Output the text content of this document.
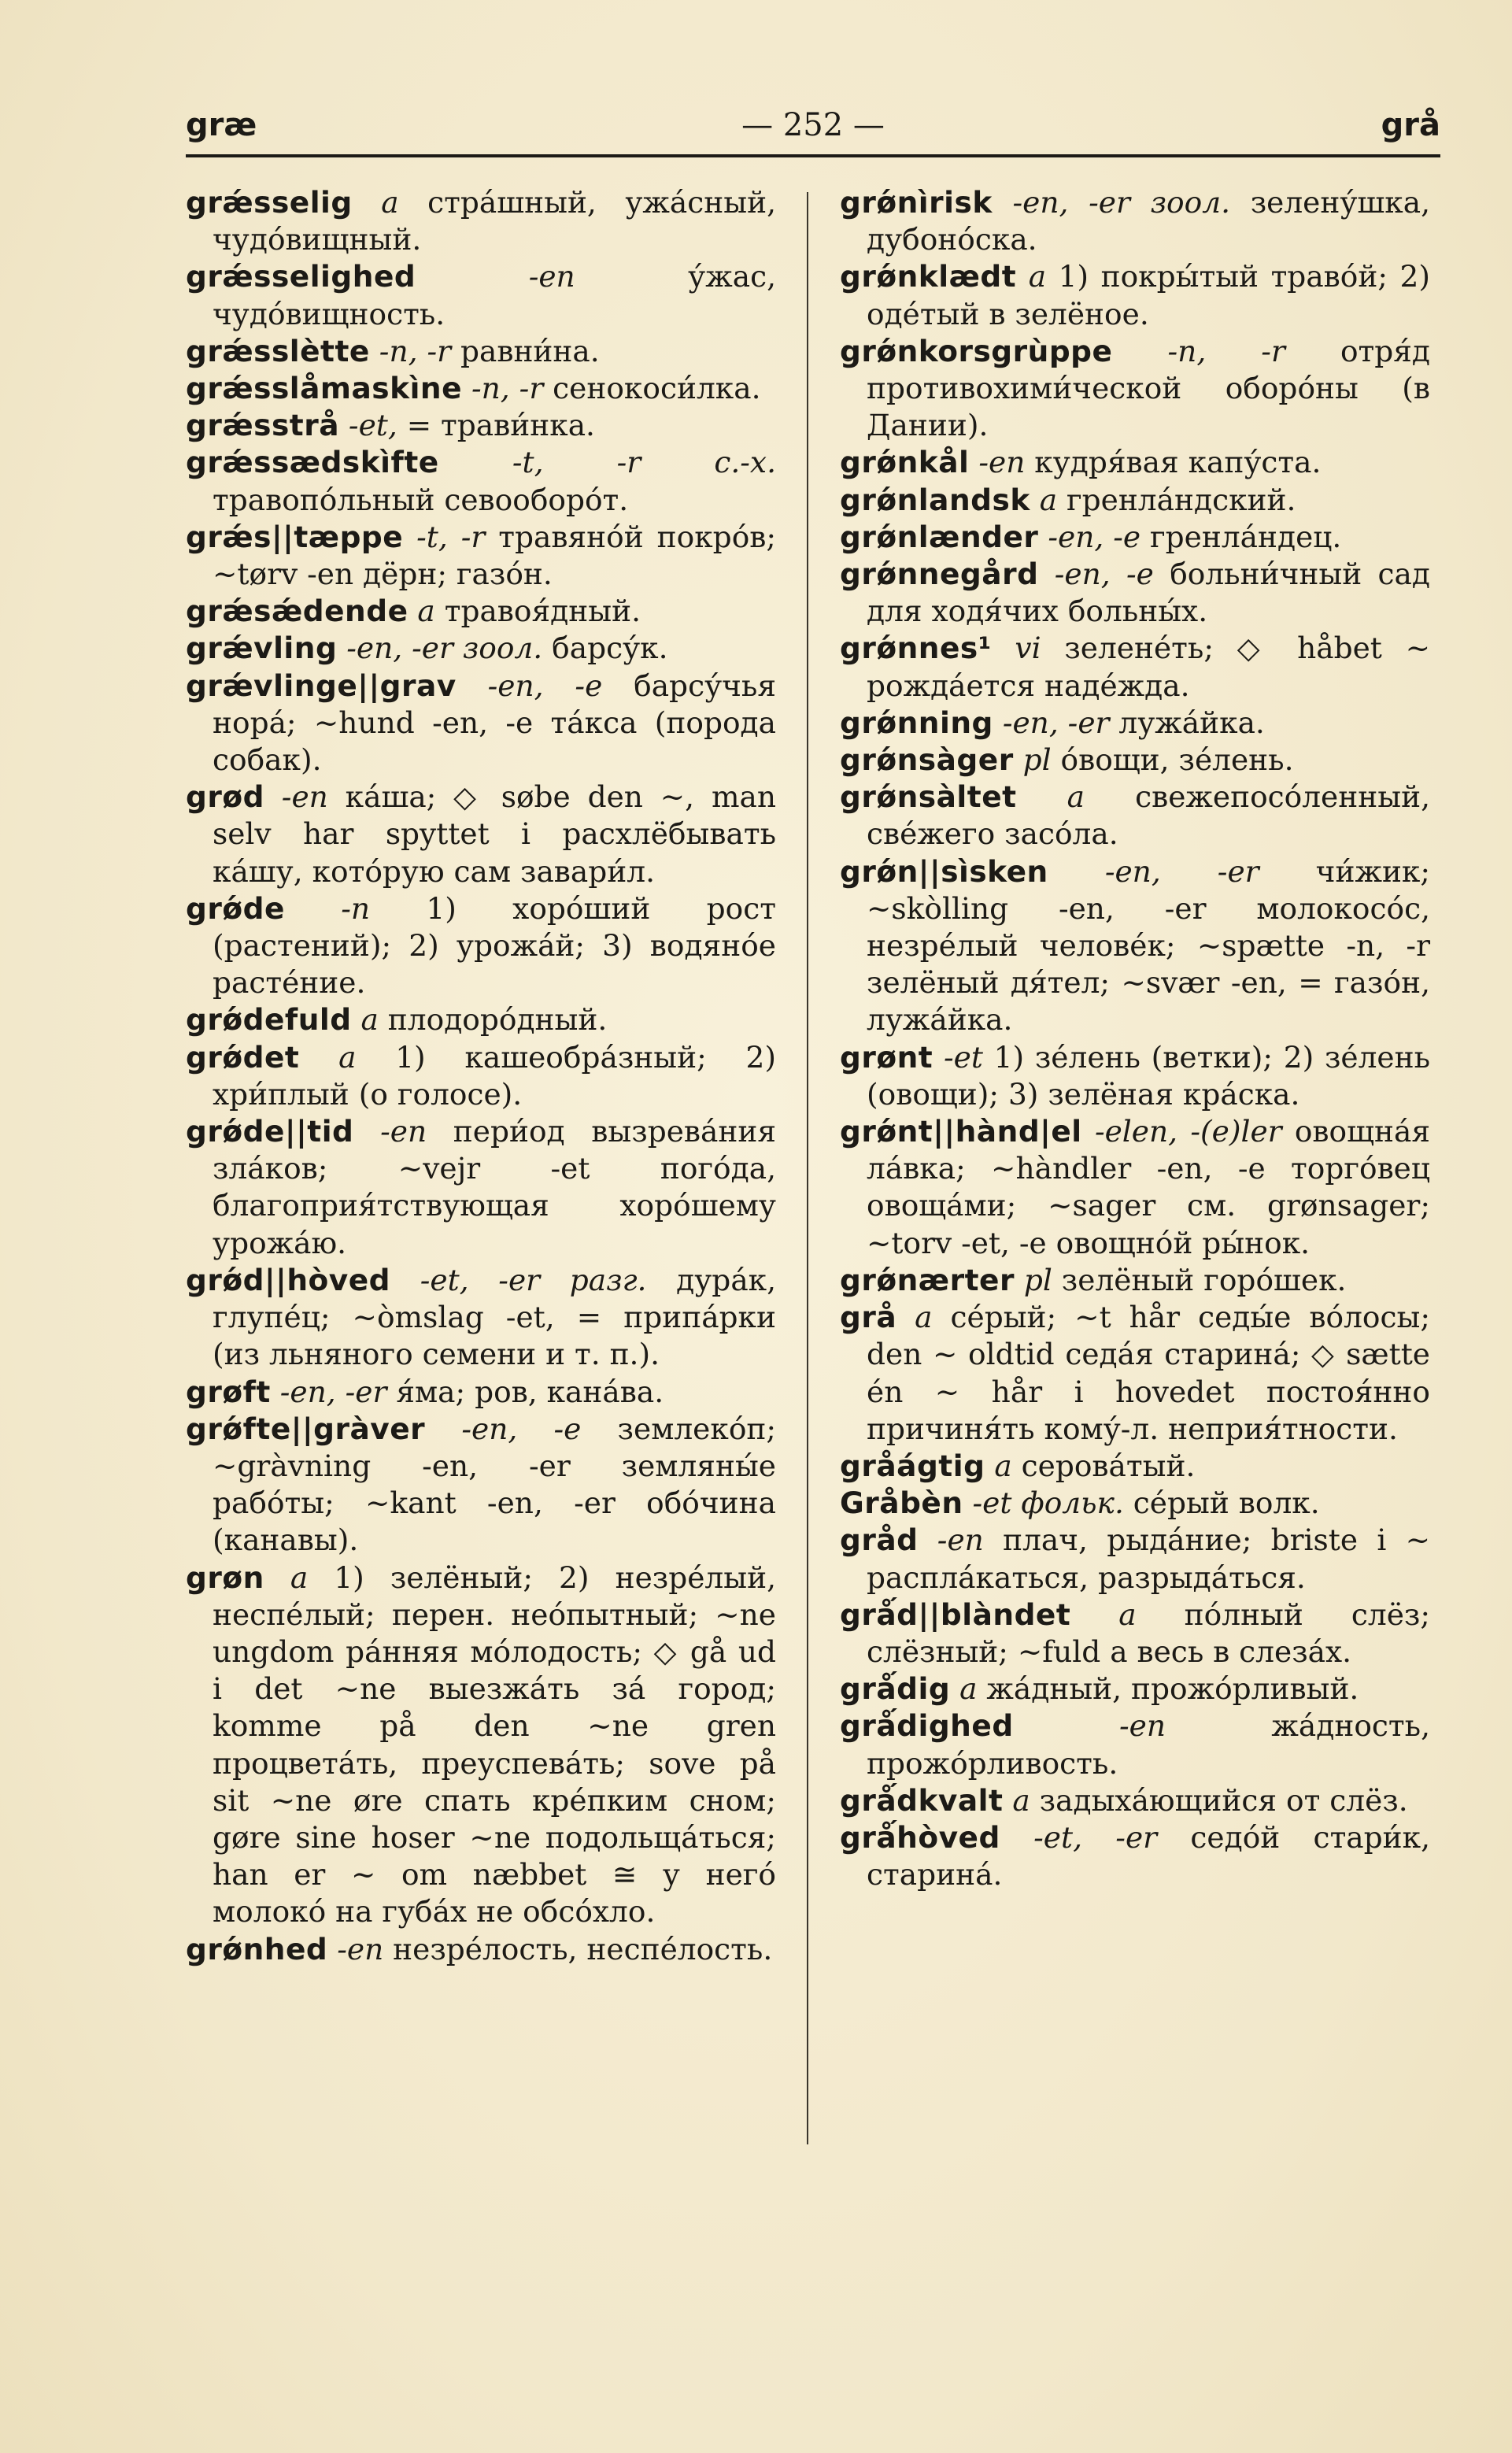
græ	— 252 —	grå

grǽsselig a стра́шный, ужа́сный, чудо́вищный.

grǽsselighed	-en	у́жас, чудо́вищность.

grǽsslètte -n, -r равни́на.

grǽsslåmaskìne -n, -r сенокоси́лка.

grǽsstrå -et, = трави́нка.

grǽssædskìfte -t, -r с.-х. травопо́льный севооборо́т.

grǽs||tæppe -t, -r травяно́й покро́в; ~tørv -en дёрн; газо́н.

grǽsǽdende a травоя́дный.

grǽvling -en, -er зоол. барсу́к.

grǽvlinge||grav -en, -e барсу́чья нора́; ~hund -en, -e та́кса (порода собак).

grød -en ка́ша; ◇ søbe den ~, man selv har spyttet i расхлёбывать ка́шу, кото́рую сам завари́л.

grǿde -n 1) хоро́ший рост (растений); 2) урожа́й; 3) водяно́е расте́ние.

grǿdefuld a плодоро́дный.

grǿdet a 1) кашеобра́зный; 2) хри́плый (о голосе).

grǿde||tid -en пери́од вызрева́ния зла́ков; ~vejr -et пого́да, благоприя́тствующая хоро́шему урожа́ю.

grǿd||hòved -et, -er разг. дура́к, глупе́ц; ~òmslag -et, = припа́рки (из льняного семени и т. п.).

grøft -en, -er я́ма; ров, кана́ва.

grǿfte||gràver -en, -e землеко́п; ~gràvning -en, -er земляны́е рабо́ты; ~kant -en, -er обо́чина (канавы).

grøn a 1) зелёный; 2) незре́лый, неспе́лый; перен. нео́пытный; ~ne ungdom ра́нняя мо́лодость; ◇ gå ud i det ~ne выезжа́ть за́ город; komme på den ~ne gren процвета́ть, преуспева́ть; sove på sit ~ne øre спать кре́пким сном; gøre sine hoser ~ne подольща́ться; han er ~ om næbbet ≅ у него́ молоко́ на губа́х не обсо́хло.

grǿnhed -en незре́лость, неспе́лость.

grǿnìrisk -en, -er зоол. зелену́шка, дубоно́ска.

grǿnklædt a 1) покры́тый траво́й; 2) оде́тый в зелёное.

grǿnkorsgrùppe -n, -r отря́д противохими́ческой оборо́ны (в Дании).

grǿnkål -en кудря́вая капу́ста.

grǿnlandsk a гренла́ндский.

grǿnlænder -en, -e гренла́ндец.

grǿnnegård -en, -e больни́чный сад для ходя́чих больны́х.

grǿnnes¹ vi зелене́ть; ◇ håbet ~ рожда́ется наде́жда.

grǿnning -en, -er лужа́йка.

grǿnsàger pl о́вощи, зе́лень.

grǿnsàltet a свежепосо́ленный, све́жего засо́ла.

grǿn||sìsken -en, -er чи́жик; ~skòlling -en, -er молокосо́с, незре́лый челове́к; ~spætte -n, -r зелёный дя́тел; ~svær -en, = газо́н, лужа́йка.

grønt -et 1) зе́лень (ветки); 2) зе́лень (овощи); 3) зелёная кра́ска.

grǿnt||hànd|el -elen, -(e)ler овощна́я ла́вка; ~hàndler -en, -e торго́вец овоща́ми; ~sager см. grønsager; ~torv -et, -e овощно́й ры́нок.

grǿnærter pl зелёный горо́шек.

grå a се́рый; ~t hår седы́е во́лосы; den ~ oldtid седа́я старина́; ◇ sætte én ~ hår i hovedet постоя́нно причиня́ть кому́-л. неприя́тности.

gråágtig a серова́тый.

Gråbèn -et фольк. се́рый волк.

gråd -en плач, рыда́ние; briste i ~ распла́каться, разрыда́ться.

grǻd||blàndet a по́лный слёз; слёзный; ~fuld a весь в слеза́х.

grǻdig a жа́дный, прожо́рливый.

grǻdighed	-en	жа́дность, прожо́рливость.

grǻdkvalt a задыха́ющийся от слёз.

grǻhòved -et, -er седо́й стари́к, старина́.
